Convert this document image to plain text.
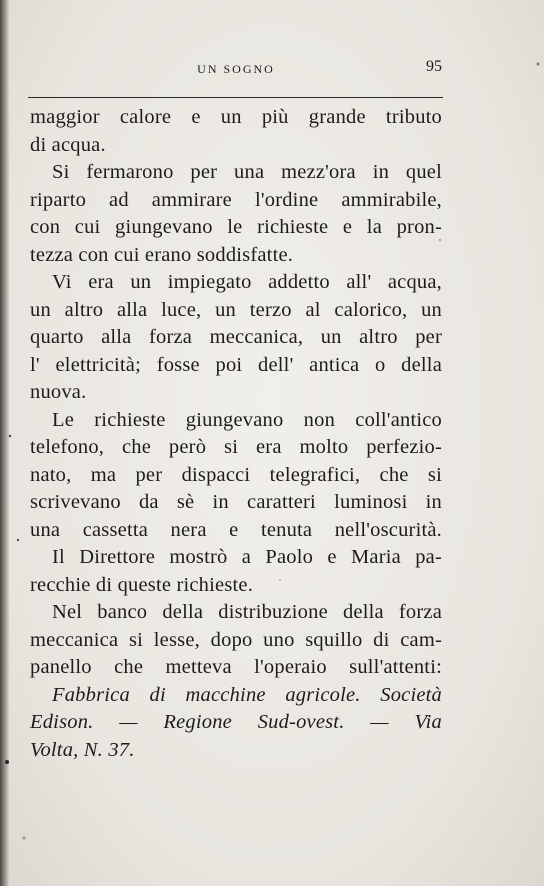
UN SOGNO	95
maggior calore e un più grande tributo
di acqua.
Si fermarono per una mezz'ora in quel
riparto ad ammirare l'ordine ammirabile,
con cui giungevano le richieste e la pron-
tezza con cui erano soddisfatte.
Vi era un impiegato addetto all' acqua,
un altro alla luce, un terzo al calorico, un
quarto alla forza meccanica, un altro per
l' elettricità; fosse poi dell' antica o della
nuova.
Le richieste giungevano non coll'antico
telefono, che però si era molto perfezio-
nato, ma per dispacci telegrafici, che si
scrivevano da sè in caratteri luminosi in
una cassetta nera e tenuta nell'oscurità.
Il Direttore mostrò a Paolo e Maria pa-
recchie di queste richieste.
Nel banco della distribuzione della forza
meccanica si lesse, dopo uno squillo di cam-
panello che metteva l'operaio sull'attenti:
Fabbrica di macchine agricole. Società
Edison. — Regione Sud-ovest. — Via
Volta, N. 37.
